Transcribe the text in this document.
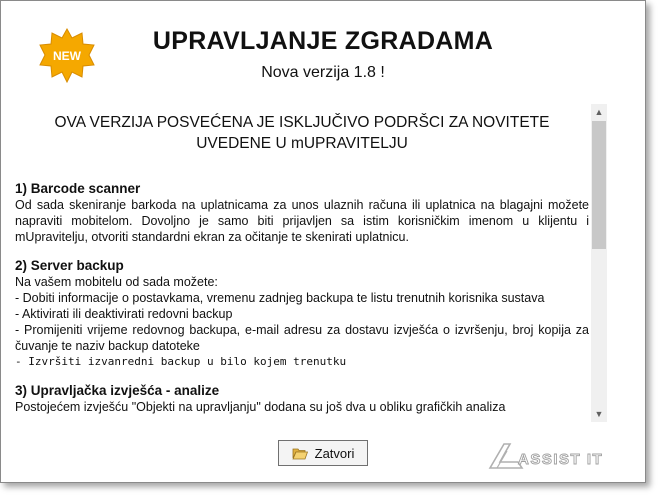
NEW
UPRAVLJANJE ZGRADAMA
Nova verzija 1.8 !
OVA VERZIJA POSVEĆENA JE ISKLJUČIVO PODRŠCI ZA NOVITETE UVEDENE U mUPRAVITELJU
1) Barcode scanner

Od sada skeniranje barkoda na uplatnicama za unos ulaznih računa ili uplatnica na blagajni možete napraviti mobitelom. Dovoljno je samo biti prijavljen sa istim korisničkim imenom u klijentu i mUpravitelju, otvoriti standardni ekran za očitanje te skenirati uplatnicu.

2) Server backup
Na vašem mobitelu od sada možete:
- Dobiti informacije o postavkama, vremenu zadnjeg backupa te listu trenutnih korisnika sustava
- Aktivirati ili deaktivirati redovni backup
- Promijeniti vrijeme redovnog backupa, e-mail adresu za dostavu izvješća o izvršenju, broj kopija za čuvanje te naziv backup datoteke
- Izvršiti izvanredni backup u bilo kojem trenutku
3) Upravljačka izvješća - analize

Postojećem izvješću "Objekti na upravljanju" dodana su još dva u obliku grafičkih analiza

▲
▼
Zatvori	ASSIST IT
